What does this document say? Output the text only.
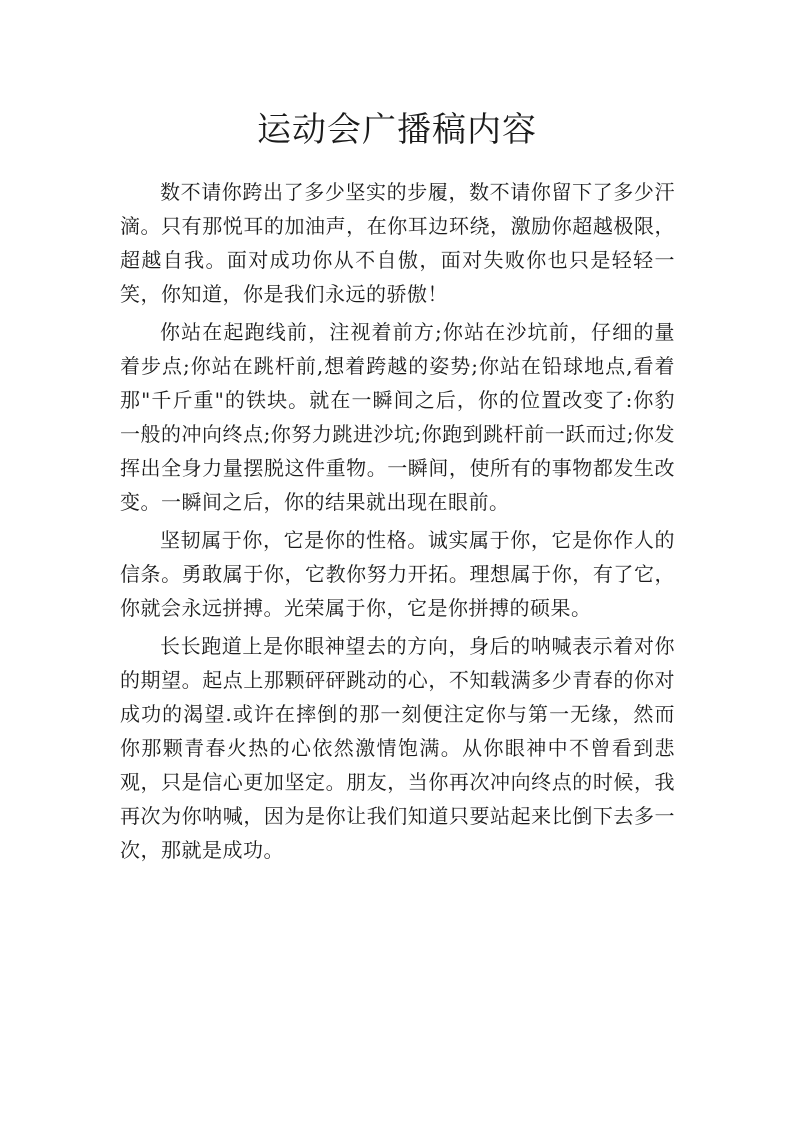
运动会广播稿内容

数不请你跨出了多少坚实的步履，数不请你留下了多少汗滴。只有那悦耳的加油声，在你耳边环绕，激励你超越极限，超越自我。面对成功你从不自傲，面对失败你也只是轻轻一笑，你知道，你是我们永远的骄傲！

你站在起跑线前，注视着前方;你站在沙坑前，仔细的量着步点;你站在跳杆前,想着跨越的姿势;你站在铅球地点,看着那"千斤重"的铁块。就在一瞬间之后，你的位置改变了:你豹一般的冲向终点;你努力跳进沙坑;你跑到跳杆前一跃而过;你发挥出全身力量摆脱这件重物。一瞬间，使所有的事物都发生改变。一瞬间之后，你的结果就出现在眼前。

坚韧属于你，它是你的性格。诚实属于你，它是你作人的信条。勇敢属于你，它教你努力开拓。理想属于你，有了它，你就会永远拼搏。光荣属于你，它是你拼搏的硕果。

长长跑道上是你眼神望去的方向，身后的呐喊表示着对你的期望。起点上那颗砰砰跳动的心，不知载满多少青春的你对成功的渴望.或许在摔倒的那一刻便注定你与第一无缘，然而你那颗青春火热的心依然激情饱满。从你眼神中不曾看到悲观，只是信心更加坚定。朋友，当你再次冲向终点的时候，我再次为你呐喊，因为是你让我们知道只要站起来比倒下去多一次，那就是成功。
